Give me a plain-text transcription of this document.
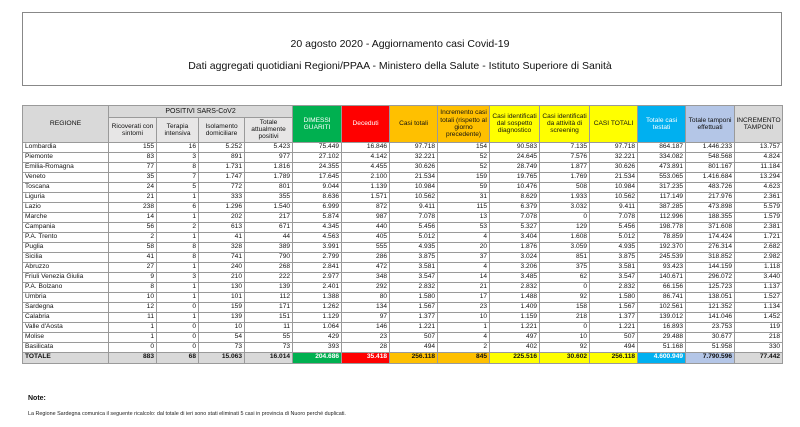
20 agosto 2020 - Aggiornamento casi Covid-19
Dati aggregati quotidiani Regioni/PPAA - Ministero della Salute - Istituto Superiore di Sanità
REGIONE	POSITIVI SARS-CoV2				DIMESSI GUARITI	Deceduti	Casi totali	Incremento casi totali (rispetto al giorno precedente)	Casi identificati dal sospetto diagnostico	Casi identificati da attività di screening	CASI TOTALI	Totale casi testati	Totale tamponi effettuati	INCREMENTO TAMPONI
	Ricoverati con sintomi	Terapia intensiva	Isolamento domiciliare	Totale attualmente positivi										
Lombardia	155	16	5.252	5.423	75.449	16.846	97.718	154	90.583	7.135	97.718	864.187	1.446.233	13.757
Piemonte	83	3	891	977	27.102	4.142	32.221	52	24.645	7.576	32.221	334.082	548.568	4.824
Emilia-Romagna	77	8	1.731	1.816	24.355	4.455	30.626	52	28.749	1.877	30.626	473.891	801.167	11.184
Veneto	35	7	1.747	1.789	17.645	2.100	21.534	159	19.765	1.769	21.534	553.065	1.416.684	13.294
Toscana	24	5	772	801	9.044	1.139	10.984	59	10.476	508	10.984	317.235	483.726	4.623
Liguria	21	1	333	355	8.636	1.571	10.562	31	8.629	1.933	10.562	117.149	217.976	2.361
Lazio	238	6	1.296	1.540	6.999	872	9.411	115	6.379	3.032	9.411	387.285	473.898	5.579
Marche	14	1	202	217	5.874	987	7.078	13	7.078	0	7.078	112.996	188.355	1.579
Campania	56	2	613	671	4.345	440	5.456	53	5.327	129	5.456	198.778	371.608	2.381
P.A. Trento	2	1	41	44	4.563	405	5.012	4	3.404	1.608	5.012	78.859	174.424	1.721
Puglia	58	8	328	389	3.991	555	4.935	20	1.876	3.059	4.935	192.370	276.314	2.682
Sicilia	41	8	741	790	2.799	286	3.875	37	3.024	851	3.875	245.539	318.852	2.982
Abruzzo	27	1	240	268	2.841	472	3.581	4	3.206	375	3.581	93.423	144.159	1.118
Friuli Venezia Giulia	9	3	210	222	2.977	348	3.547	14	3.485	62	3.547	140.671	296.072	3.440
P.A. Bolzano	8	1	130	139	2.401	292	2.832	21	2.832	0	2.832	66.156	125.723	1.137
Umbria	10	1	101	112	1.388	80	1.580	17	1.488	92	1.580	86.741	138.051	1.527
Sardegna	12	0	159	171	1.262	134	1.567	23	1.409	158	1.567	102.561	121.352	1.134
Calabria	11	1	139	151	1.129	97	1.377	10	1.159	218	1.377	139.012	141.046	1.452
Valle d'Aosta	1	0	10	11	1.064	146	1.221	1	1.221	0	1.221	16.893	23.753	119
Molise	1	0	54	55	429	23	507	4	497	10	507	29.488	30.677	218
Basilicata	0	0	73	73	393	28	494	2	402	92	494	51.168	51.958	330
TOTALE	883	68	15.063	16.014	204.686	35.418	256.118	845	225.516	30.602	256.118	4.600.949	7.790.596	77.442
Note:
La Regione Sardegna comunica il seguente ricalcolo: dal totale di ieri sono stati eliminati 5 casi in provincia di Nuoro perché duplicati.
